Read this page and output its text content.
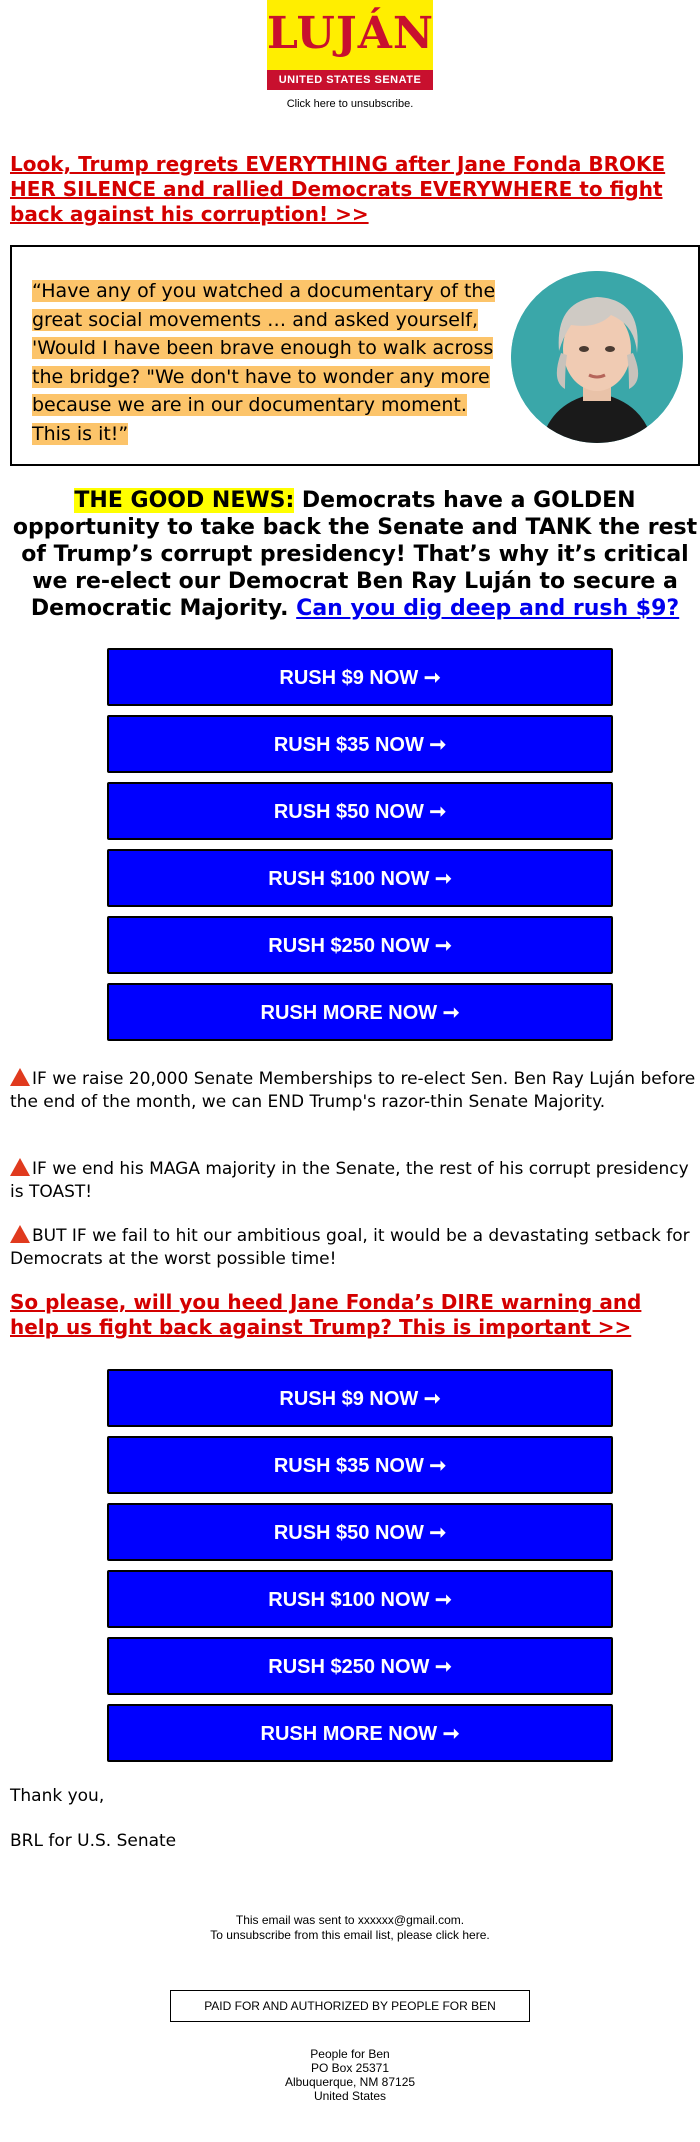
LUJÁN
UNITED STATES SENATE
Click here to unsubscribe.
Look, Trump regrets EVERYTHING after Jane Fonda BROKE HER SILENCE and rallied Democrats EVERYWHERE to fight back against his corruption! >>
“Have any of you watched a documentary of the great social movements … and asked yourself, 'Would I have been brave enough to walk across the bridge? "We don't have to wonder any more because we are in our documentary moment. This is it!”
THE GOOD NEWS: Democrats have a GOLDEN opportunity to take back the Senate and TANK the rest of Trump’s corrupt presidency! That’s why it’s critical we re-elect our Democrat Ben Ray Luján to secure a Democratic Majority. Can you dig deep and rush $9?
RUSH $9 NOW ➞
RUSH $35 NOW ➞
RUSH $50 NOW ➞
RUSH $100 NOW ➞
RUSH $250 NOW ➞
RUSH MORE NOW ➞
IF we raise 20,000 Senate Memberships to re-elect Sen. Ben Ray Luján before the end of the month, we can END Trump's razor-thin Senate Majority.
IF we end his MAGA majority in the Senate, the rest of his corrupt presidency is TOAST!
BUT IF we fail to hit our ambitious goal, it would be a devastating setback for Democrats at the worst possible time!
So please, will you heed Jane Fonda’s DIRE warning and help us fight back against Trump? This is important >>
RUSH $9 NOW ➞
RUSH $35 NOW ➞
RUSH $50 NOW ➞
RUSH $100 NOW ➞
RUSH $250 NOW ➞
RUSH MORE NOW ➞
Thank you,
BRL for U.S. Senate
This email was sent to xxxxxx@gmail.com.
To unsubscribe from this email list, please click here.
PAID FOR AND AUTHORIZED BY PEOPLE FOR BEN
People for Ben
PO Box 25371
Albuquerque, NM 87125
United States
